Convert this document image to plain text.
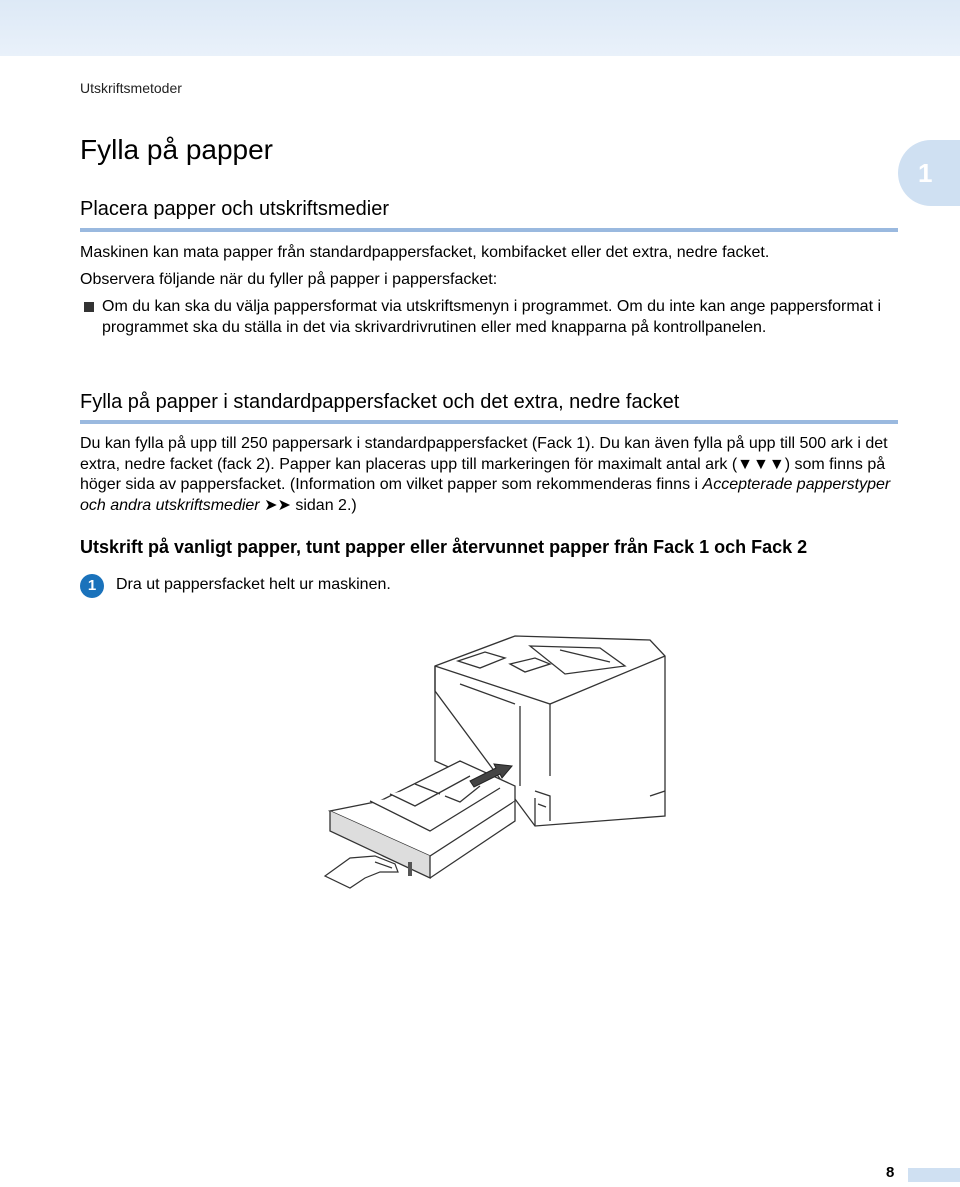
Utskriftsmetoder
1
Fylla på papper
Placera papper och utskriftsmedier

Maskinen kan mata papper från standardpappersfacket, kombifacket eller det extra, nedre facket.

Observera följande när du fyller på papper i pappersfacket:

Om du kan ska du välja pappersformat via utskriftsmenyn i programmet. Om du inte kan ange pappersformat i programmet ska du ställa in det via skrivardrivrutinen eller med knapparna på kontrollpanelen.

Fylla på papper i standardpappersfacket och det extra, nedre facket

Du kan fylla på upp till 250 pappersark i standardpappersfacket (Fack 1). Du kan även fylla på upp till 500 ark i det extra, nedre facket (fack 2). Papper kan placeras upp till markeringen för maximalt antal ark (▼▼▼) som finns på höger sida av pappersfacket. (Information om vilket papper som rekommenderas finns i Accepterade papperstyper och andra utskriftsmedier ➤➤ sidan 2.)

Utskrift på vanligt papper, tunt papper eller återvunnet papper från Fack 1 och Fack 2
1	Dra ut pappersfacket helt ur maskinen.
8
